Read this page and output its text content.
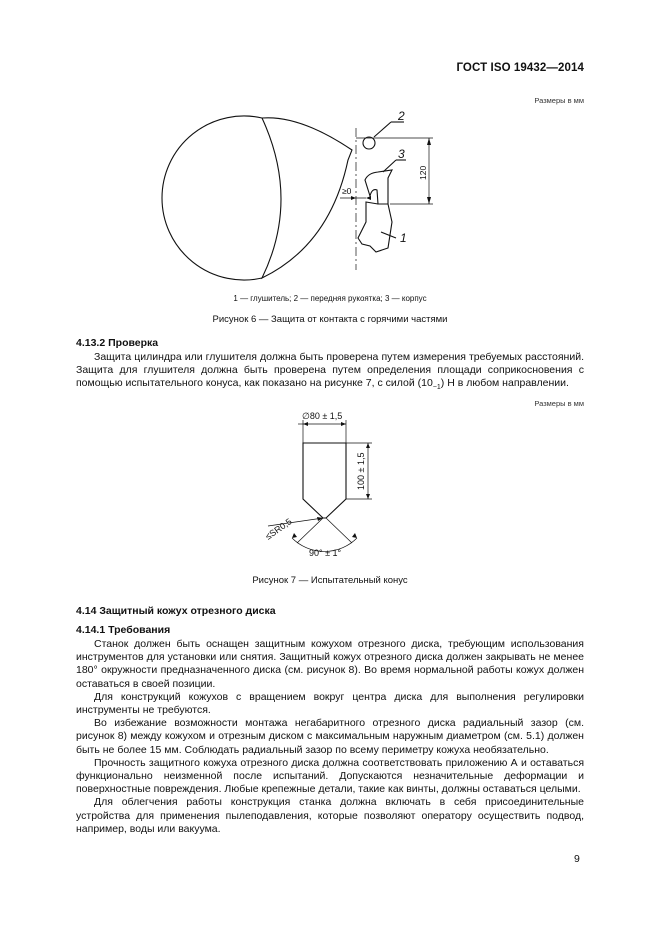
ГОСТ ISO 19432—2014
Размеры в мм
2
3
1
120
≥0
1 — глушитель; 2 — передняя рукоятка; 3 — корпус
Рисунок 6 — Защита от контакта с горячими частями
4.13.2 Проверка
Защита цилиндра или глушителя должна быть проверена путем измерения требуемых расстояний. Защита для глушителя должна быть проверена путем определения площади соприкосновения с помощью испытательного конуса, как показано на рисунке 7, с силой $(10_{-1})$ Н в любом направлении.
Размеры в мм
∅80 ± 1,5
100 ± 1,5
≤SR0,5
90° ± 1°
Рисунок 7 — Испытательный конус
4.14 Защитный кожух отрезного диска
4.14.1 Требования
Станок должен быть оснащен защитным кожухом отрезного диска, требующим использования инструментов для установки или снятия. Защитный кожух отрезного диска должен закрывать не менее 180° окружности предназначенного диска (см. рисунок 8). Во время нормальной работы кожух должен оставаться в своей позиции.
Для конструкций кожухов с вращением вокруг центра диска для выполнения регулировки инструменты не требуются.
Во избежание возможности монтажа негабаритного отрезного диска радиальный зазор (см. рисунок 8) между кожухом и отрезным диском с максимальным наружным диаметром (см. 5.1) должен быть не более 15 мм. Соблюдать радиальный зазор по всему периметру кожуха необязательно.
Прочность защитного кожуха отрезного диска должна соответствовать приложению А и оставаться функционально неизменной после испытаний. Допускаются незначительные деформации и поверхностные повреждения. Любые крепежные детали, такие как винты, должны оставаться целыми.
Для облегчения работы конструкция станка должна включать в себя присоединительные устройства для применения пылеподавления, которые позволяют оператору осуществить подвод, например, воды или вакуума.
9
